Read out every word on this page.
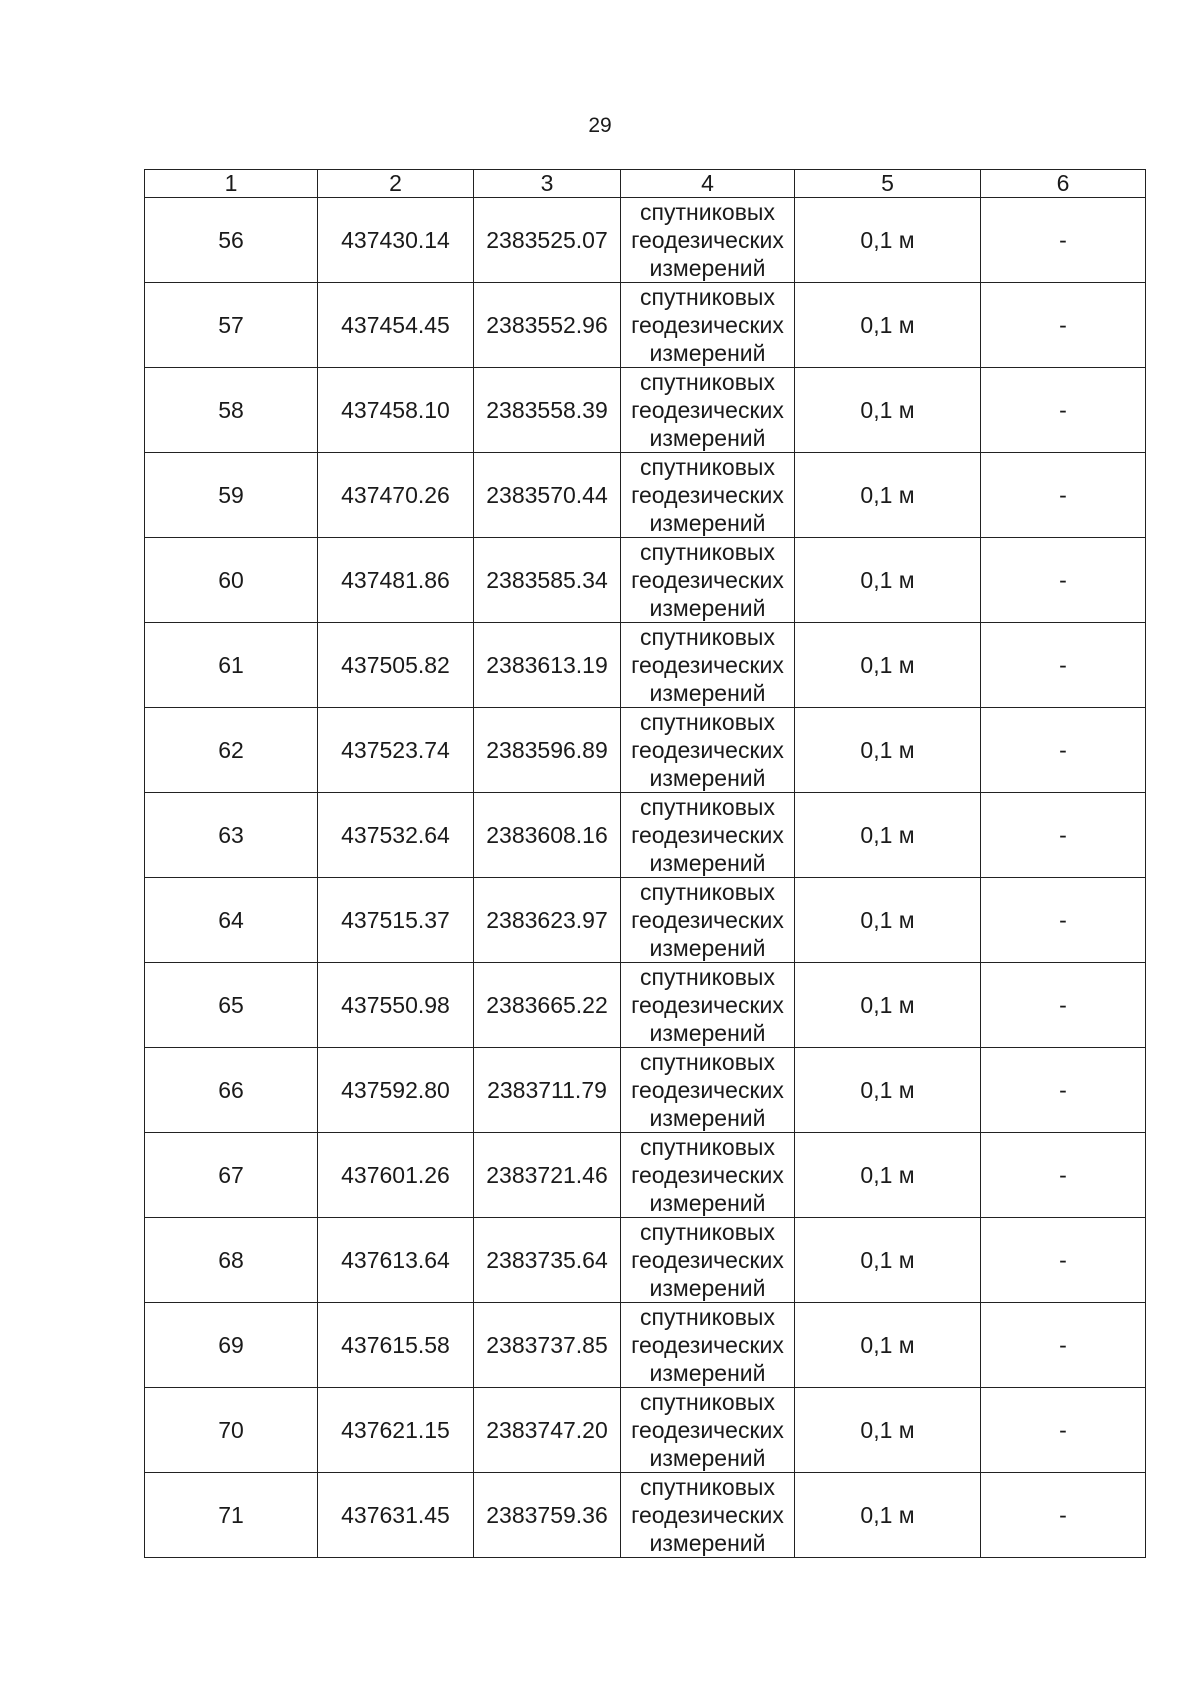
29
1	2	3	4	5	6
56	437430.14	2383525.07	спутниковых
геодезических
измерений	0,1 м	-
57	437454.45	2383552.96	спутниковых
геодезических
измерений	0,1 м	-
58	437458.10	2383558.39	спутниковых
геодезических
измерений	0,1 м	-
59	437470.26	2383570.44	спутниковых
геодезических
измерений	0,1 м	-
60	437481.86	2383585.34	спутниковых
геодезических
измерений	0,1 м	-
61	437505.82	2383613.19	спутниковых
геодезических
измерений	0,1 м	-
62	437523.74	2383596.89	спутниковых
геодезических
измерений	0,1 м	-
63	437532.64	2383608.16	спутниковых
геодезических
измерений	0,1 м	-
64	437515.37	2383623.97	спутниковых
геодезических
измерений	0,1 м	-
65	437550.98	2383665.22	спутниковых
геодезических
измерений	0,1 м	-
66	437592.80	2383711.79	спутниковых
геодезических
измерений	0,1 м	-
67	437601.26	2383721.46	спутниковых
геодезических
измерений	0,1 м	-
68	437613.64	2383735.64	спутниковых
геодезических
измерений	0,1 м	-
69	437615.58	2383737.85	спутниковых
геодезических
измерений	0,1 м	-
70	437621.15	2383747.20	спутниковых
геодезических
измерений	0,1 м	-
71	437631.45	2383759.36	спутниковых
геодезических
измерений	0,1 м	-
